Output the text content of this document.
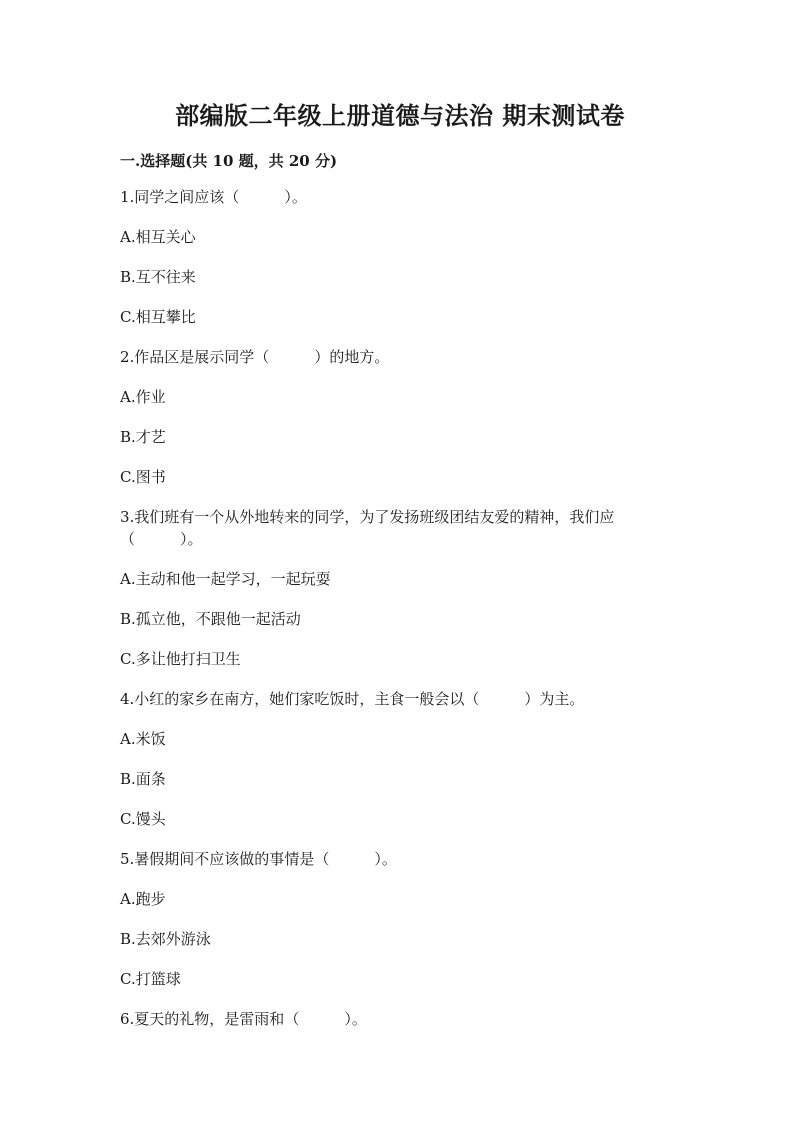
部编版二年级上册道德与法治 期末测试卷
一.选择题(共 10 题，共 20 分)

1.同学之间应该（　　　）。

A.相互关心

B.互不往来

C.相互攀比

2.作品区是展示同学（　　　）的地方。

A.作业

B.才艺

C.图书

3.我们班有一个从外地转来的同学，为了发扬班级团结友爱的精神，我们应（　　　）。

A.主动和他一起学习，一起玩耍

B.孤立他，不跟他一起活动

C.多让他打扫卫生

4.小红的家乡在南方，她们家吃饭时，主食一般会以（　　　）为主。

A.米饭

B.面条

C.馒头

5.暑假期间不应该做的事情是（　　　）。

A.跑步

B.去郊外游泳

C.打篮球

6.夏天的礼物，是雷雨和（　　　）。
